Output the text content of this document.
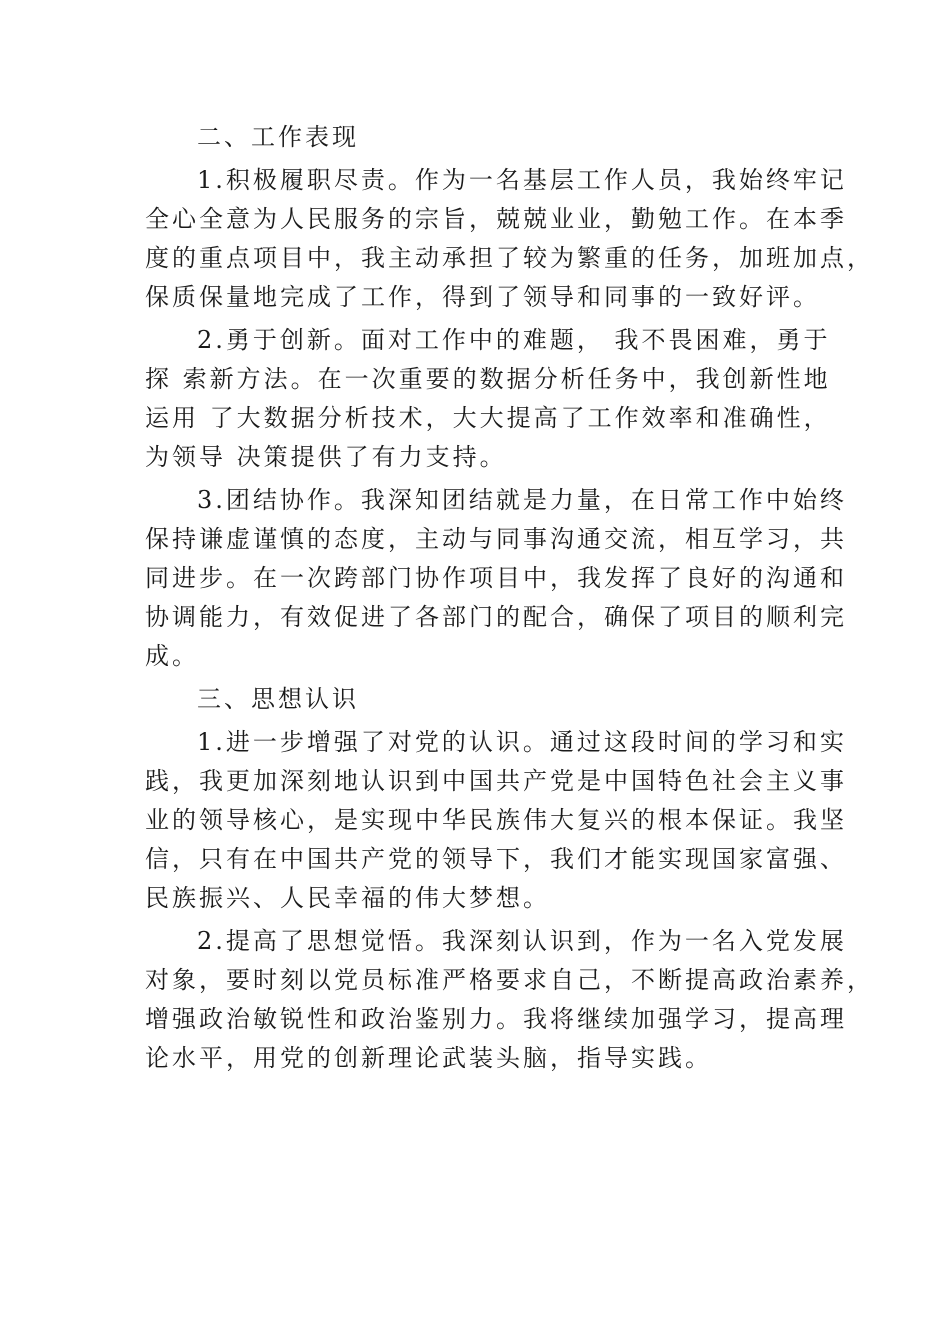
二、工作表现

1.积极履职尽责。作为一名基层工作人员，我始终牢记
全心全意为人民服务的宗旨，兢兢业业，勤勉工作。在本季
度的重点项目中，我主动承担了较为繁重的任务，加班加点，
保质保量地完成了工作，得到了领导和同事的一致好评。
2.勇于创新。面对工作中的难题， 我不畏困难，勇于
探 索新方法。在一次重要的数据分析任务中，我创新性地
运用 了大数据分析技术，大大提高了工作效率和准确性，
为领导 决策提供了有力支持。
3.团结协作。我深知团结就是力量，在日常工作中始终
保持谦虚谨慎的态度，主动与同事沟通交流，相互学习，共
同进步。在一次跨部门协作项目中，我发挥了良好的沟通和
协调能力，有效促进了各部门的配合，确保了项目的顺利完
成。

三、思想认识

1.进一步增强了对党的认识。通过这段时间的学习和实
践，我更加深刻地认识到中国共产党是中国特色社会主义事
业的领导核心，是实现中华民族伟大复兴的根本保证。我坚
信，只有在中国共产党的领导下，我们才能实现国家富强、
民族振兴、人民幸福的伟大梦想。
2.提高了思想觉悟。我深刻认识到，作为一名入党发展
对象，要时刻以党员标准严格要求自己，不断提高政治素养，
增强政治敏锐性和政治鉴别力。我将继续加强学习，提高理
论水平，用党的创新理论武装头脑，指导实践。
